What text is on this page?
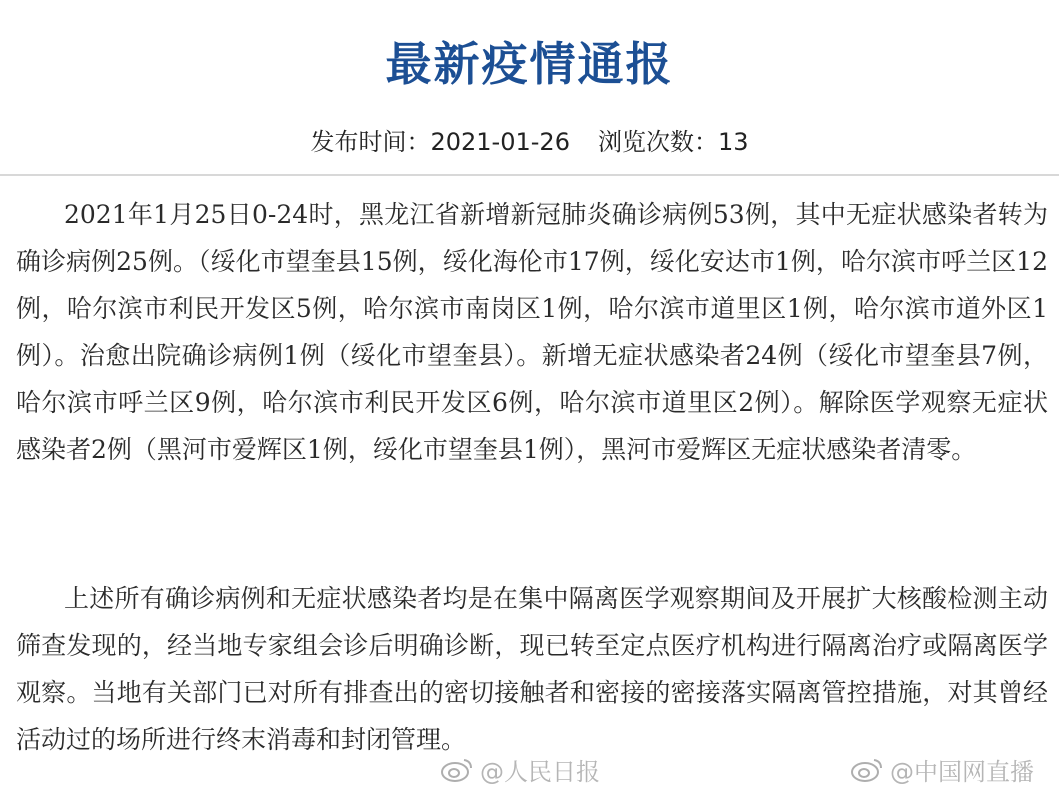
最新疫情通报
发布时间：2021-01-26 浏览次数：13

2021年1月25日0-24时，黑龙江省新增新冠肺炎确诊病例53例，其中无症状感染者转为确诊病例25例。（绥化市望奎县15例，绥化海伦市17例，绥化安达市1例，哈尔滨市呼兰区12例，哈尔滨市利民开发区5例，哈尔滨市南岗区1例，哈尔滨市道里区1例，哈尔滨市道外区1例）。治愈出院确诊病例1例（绥化市望奎县）。新增无症状感染者24例（绥化市望奎县7例，哈尔滨市呼兰区9例，哈尔滨市利民开发区6例，哈尔滨市道里区2例）。解除医学观察无症状感染者2例（黑河市爱辉区1例，绥化市望奎县1例），黑河市爱辉区无症状感染者清零。

上述所有确诊病例和无症状感染者均是在集中隔离医学观察期间及开展扩大核酸检测主动筛查发现的，经当地专家组会诊后明确诊断，现已转至定点医疗机构进行隔离治疗或隔离医学观察。当地有关部门已对所有排查出的密切接触者和密接的密接落实隔离管控措施，对其曾经活动过的场所进行终末消毒和封闭管理。

@人民日报	@中国网直播
